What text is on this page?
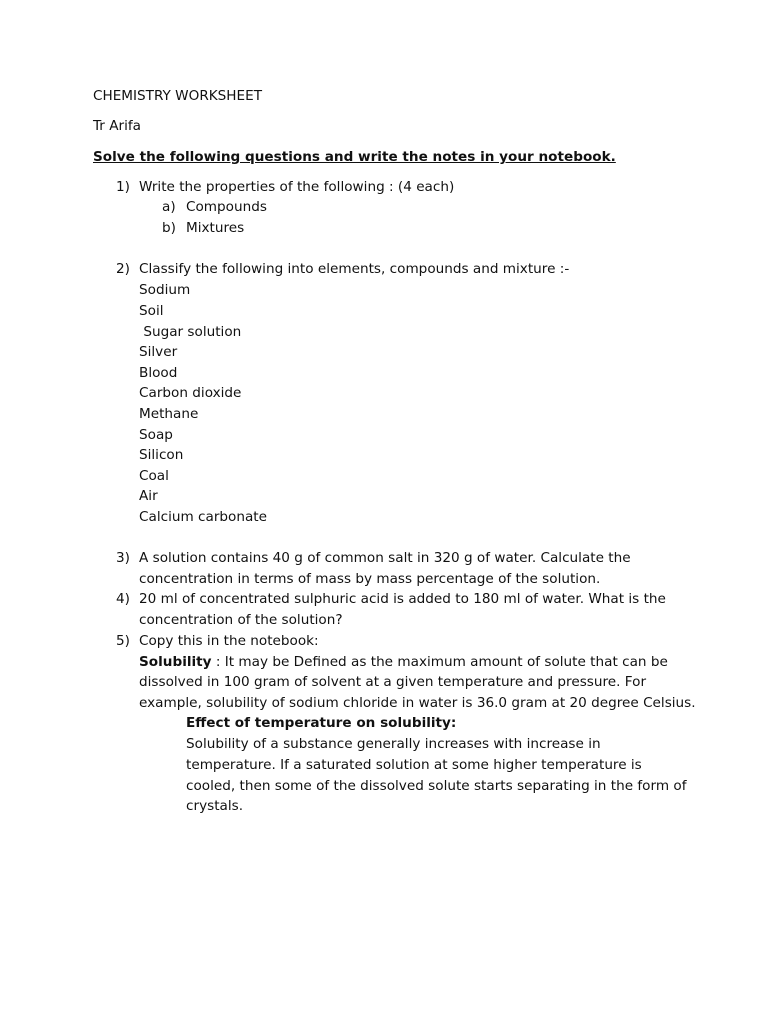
CHEMISTRY WORKSHEET
Tr Arifa
Solve the following questions and write the notes in your notebook.
1) Write the properties of the following : (4 each)
a) Compounds
b) Mixtures
2) Classify the following into elements, compounds and mixture :-
Sodium
Soil
Sugar solution
Silver
Blood
Carbon dioxide
Methane
Soap
Silicon
Coal
Air
Calcium carbonate
3) A solution contains 40 g of common salt in 320 g of water. Calculate the
concentration in terms of mass by mass percentage of the solution.
4) 20 ml of concentrated sulphuric acid is added to 180 ml of water. What is the
concentration of the solution?
5) Copy this in the notebook:
Solubility : It may be Defined as the maximum amount of solute that can be
dissolved in 100 gram of solvent at a given temperature and pressure. For
example, solubility of sodium chloride in water is 36.0 gram at 20 degree Celsius.
Effect of temperature on solubility:
Solubility of a substance generally increases with increase in
temperature. If a saturated solution at some higher temperature is
cooled, then some of the dissolved solute starts separating in the form of
crystals.
